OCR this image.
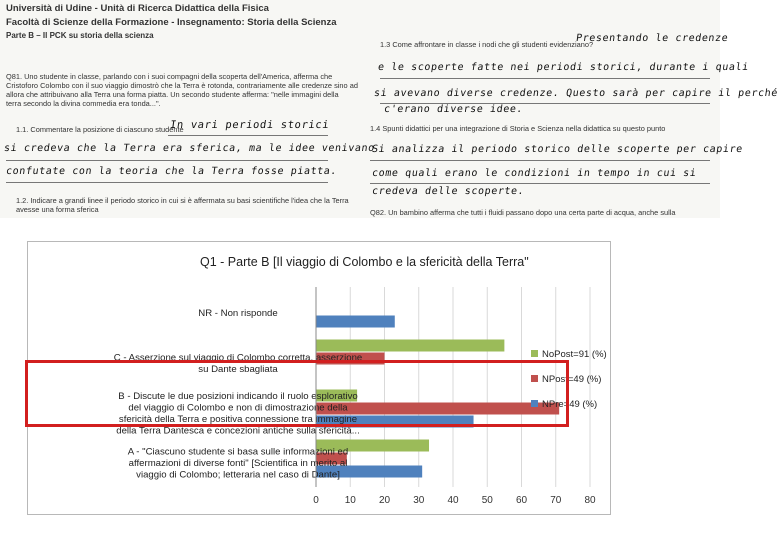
Università di Udine - Unità di Ricerca Didattica della Fisica
Facoltà di Scienze della Formazione - Insegnamento: Storia della Scienza
Parte B – Il PCK su storia della scienza
Q81. Uno studente in classe, parlando con i suoi compagni della scoperta dell'America, afferma che
Cristoforo Colombo con il suo viaggio dimostrò che la Terra è rotonda, contrariamente alle credenze sino ad
allora che attribuivano alla Terra una forma piatta. Un secondo studente afferma: "nelle immagini della
terra secondo la divina commedia era tonda...".
1.1. Commentare la posizione di ciascuno studente
1.2. Indicare a grandi linee il periodo storico in cui si è affermata su basi scientifiche l'idea che la Terra
avesse una forma sferica
In vari periodi storici
si credeva che la Terra era sferica, ma le idee venivano
confutate con la teoria che la Terra fosse piatta.
1.3 Come affrontare in classe i nodi che gli studenti evidenziano?
1.4 Spunti didattici per una integrazione di Storia e Scienza nella didattica su questo punto
Q82. Un bambino afferma che tutti i fluidi passano dopo una certa parte di acqua, anche sulla
Presentando le credenze
e le scoperte fatte nei periodi storici, durante i quali
si avevano diverse credenze. Questo sarà per capire il perché
c'erano diverse idee.
Si analizza il periodo storico delle scoperte per capire
come quali erano le condizioni in tempo in cui si
credeva delle scoperte.
Q1 - Parte B [Il viaggio di Colombo e la sfericità della Terra"
NR - Non risponde
C - Asserzione sul viaggio di Colombo corretta, asserzione
su Dante sbagliata
B - Discute le due posizioni indicando il ruolo esplorativo
del viaggio di Colombo e non di dimostrazione della
sfericità della Terra e positiva connessione tra immagine
della Terra Dantesca e concezioni antiche sulla sfericità...
A - "Ciascuno studente si basa sulle informazioni ed
affermazioni di diverse fonti" [Scientifica in merito al
viaggio di Colombo; letteraria nel caso di Dante]
0	10 20 30 40 50 60 70 80
NoPost=91 (%)
NPost=49 (%)
NPre=49 (%)
